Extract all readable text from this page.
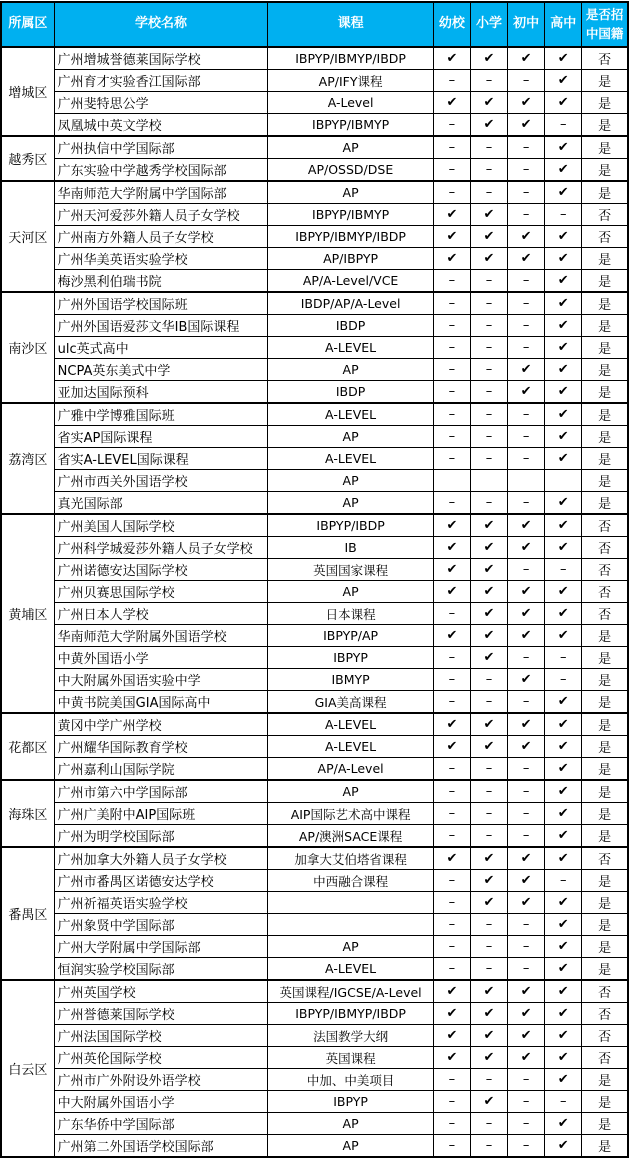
所属区	学校名称	课程	幼校	小学	初中	高中	是否招中国籍
增城区	广州增城誉德莱国际学校	IBPYP/IBMYP/IBDP	✔	✔	✔	✔	否
	广州育才实验香江国际部	AP/IFY课程	–	–	–	✔	是
	广州斐特思公学	A-Level	✔	✔	✔	✔	是
	凤凰城中英文学校	IBPYP/IBMYP	–	✔	✔	–	是
越秀区	广州执信中学国际部	AP	–	–	–	✔	是
	广东实验中学越秀学校国际部	AP/OSSD/DSE	–	–	–	✔	是
天河区	华南师范大学附属中学国际部	AP	–	–	–	✔	是
	广州天河爱莎外籍人员子女学校	IBPYP/IBMYP	✔	✔	–	–	否
	广州南方外籍人员子女学校	IBPYP/IBMYP/IBDP	✔	✔	✔	✔	否
	广州华美英语实验学校	AP/IBPYP	✔	✔	✔	✔	是
	梅沙黑利伯瑞书院	AP/A-Level/VCE	–	–	–	✔	是
南沙区	广州外国语学校国际班	IBDP/AP/A-Level	–	–	–	✔	是
	广州外国语爱莎文华IB国际课程	IBDP	–	–	–	✔	是
	ulc英式高中	A-LEVEL	–	–	–	✔	是
	NCPA英东美式中学	AP	–	–	✔	✔	是
	亚加达国际预科	IBDP	–	–	✔	✔	是
荔湾区	广雅中学博雅国际班	A-LEVEL	–	–	–	✔	是
	省实AP国际课程	AP	–	–	–	✔	是
	省实A-LEVEL国际课程	A-LEVEL	–	–	–	✔	是
	广州市西关外国语学校	AP					是
	真光国际部	AP	–	–	–	✔	是
黄埔区	广州美国人国际学校	IBPYP/IBDP	✔	✔	✔	✔	否
	广州科学城爱莎外籍人员子女学校	IB	✔	✔	✔	✔	否
	广州诺德安达国际学校	英国国家课程	✔	✔	–	–	否
	广州贝赛思国际学校	AP	✔	✔	✔	✔	否
	广州日本人学校	日本课程	–	✔	✔	✔	否
	华南师范大学附属外国语学校	IBPYP/AP	✔	✔	✔	✔	是
	中黄外国语小学	IBPYP	–	✔	–	–	是
	中大附属外国语实验中学	IBMYP	–	–	✔	–	是
	中黄书院美国GIA国际高中	GIA美高课程	–	–	–	✔	是
花都区	黄冈中学广州学校	A-LEVEL	✔	✔	✔	✔	是
	广州耀华国际教育学校	A-LEVEL	✔	✔	✔	✔	是
	广州嘉利山国际学院	AP/A-Level	–	–	–	✔	是
海珠区	广州市第六中学国际部	AP	–	–	–	✔	是
	广州广美附中AIP国际班	AIP国际艺术高中课程	–	–	–	✔	是
	广州为明学校国际部	AP/澳洲SACE课程	–	–	–	✔	是
番禺区	广州加拿大外籍人员子女学校	加拿大艾伯塔省课程	✔	✔	✔	✔	否
	广州市番禺区诺德安达学校	中西融合课程	–	✔	✔	–	是
	广州祈福英语实验学校		–	✔	✔	✔	是
	广州象贤中学国际部		–	–	–	✔	是
	广州大学附属中学国际部	AP	–	–	–	✔	是
	恒润实验学校国际部	A-LEVEL	–	–	–	✔	是
白云区	广州英国学校	英国课程/IGCSE/A-Level	✔	✔	✔	✔	否
	广州誉德莱国际学校	IBPYP/IBMYP/IBDP	✔	✔	✔	✔	否
	广州法国国际学校	法国教学大纲	✔	✔	✔	✔	否
	广州英伦国际学校	英国课程	✔	✔	✔	✔	否
	广州市广外附设外语学校	中加、中美项目	–	–	–	✔	是
	中大附属外国语小学	IBPYP	–	✔	–	–	是
	广东华侨中学国际部	AP	–	–	–	✔	是
	广州第二外国语学校国际部	AP	–	–	–	✔	是
